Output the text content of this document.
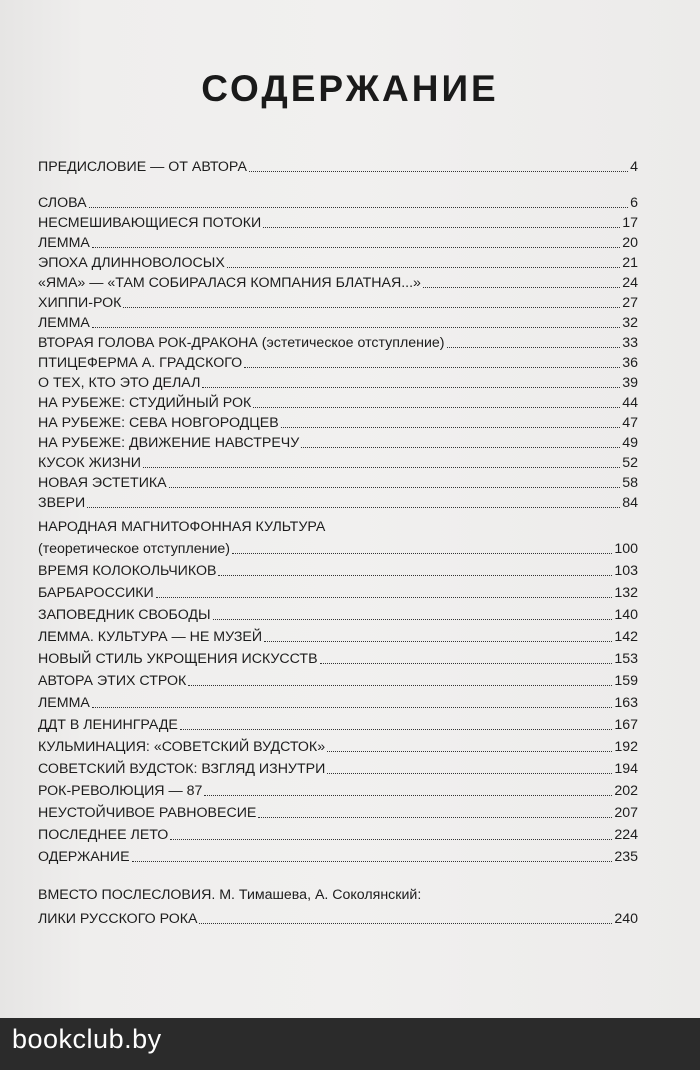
СОДЕРЖАНИЕ
ПРЕДИСЛОВИЕ — ОТ АВТОРА	4
СЛОВА	6
НЕСМЕШИВАЮЩИЕСЯ ПОТОКИ	17
ЛЕММА	20
ЭПОХА ДЛИННОВОЛОСЫХ	21
«ЯМА» — «ТАМ СОБИРАЛАСЯ КОМПАНИЯ БЛАТНАЯ...»	24
ХИППИ-РОК	27
ЛЕММА	32
ВТОРАЯ ГОЛОВА РОК-ДРАКОНА (эстетическое отступление)	33
ПТИЦЕФЕРМА А. ГРАДСКОГО	36
О ТЕХ, КТО ЭТО ДЕЛАЛ	39
НА РУБЕЖЕ: СТУДИЙНЫЙ РОК	44
НА РУБЕЖЕ: СЕВА НОВГОРОДЦЕВ	47
НА РУБЕЖЕ: ДВИЖЕНИЕ НАВСТРЕЧУ	49
КУСОК ЖИЗНИ	52
НОВАЯ ЭСТЕТИКА	58
ЗВЕРИ	84
НАРОДНАЯ МАГНИТОФОННАЯ КУЛЬТУРА
(теоретическое отступление)	100
ВРЕМЯ КОЛОКОЛЬЧИКОВ	103
БАРБАРОССИКИ	132
ЗАПОВЕДНИК СВОБОДЫ	140
ЛЕММА. КУЛЬТУРА — НЕ МУЗЕЙ	142
НОВЫЙ СТИЛЬ УКРОЩЕНИЯ ИСКУССТВ	153
АВТОРА ЭТИХ СТРОК	159
ЛЕММА	163
ДДТ В ЛЕНИНГРАДЕ	167
КУЛЬМИНАЦИЯ: «СОВЕТСКИЙ ВУДСТОК»	192
СОВЕТСКИЙ ВУДСТОК: ВЗГЛЯД ИЗНУТРИ	194
РОК-РЕВОЛЮЦИЯ — 87	202
НЕУСТОЙЧИВОЕ РАВНОВЕСИЕ	207
ПОСЛЕДНЕЕ ЛЕТО	224
ОДЕРЖАНИЕ	235
ВМЕСТО ПОСЛЕСЛОВИЯ. М. Тимашева, А. Соколянский:
ЛИКИ РУССКОГО РОКА	240
bookclub.by
